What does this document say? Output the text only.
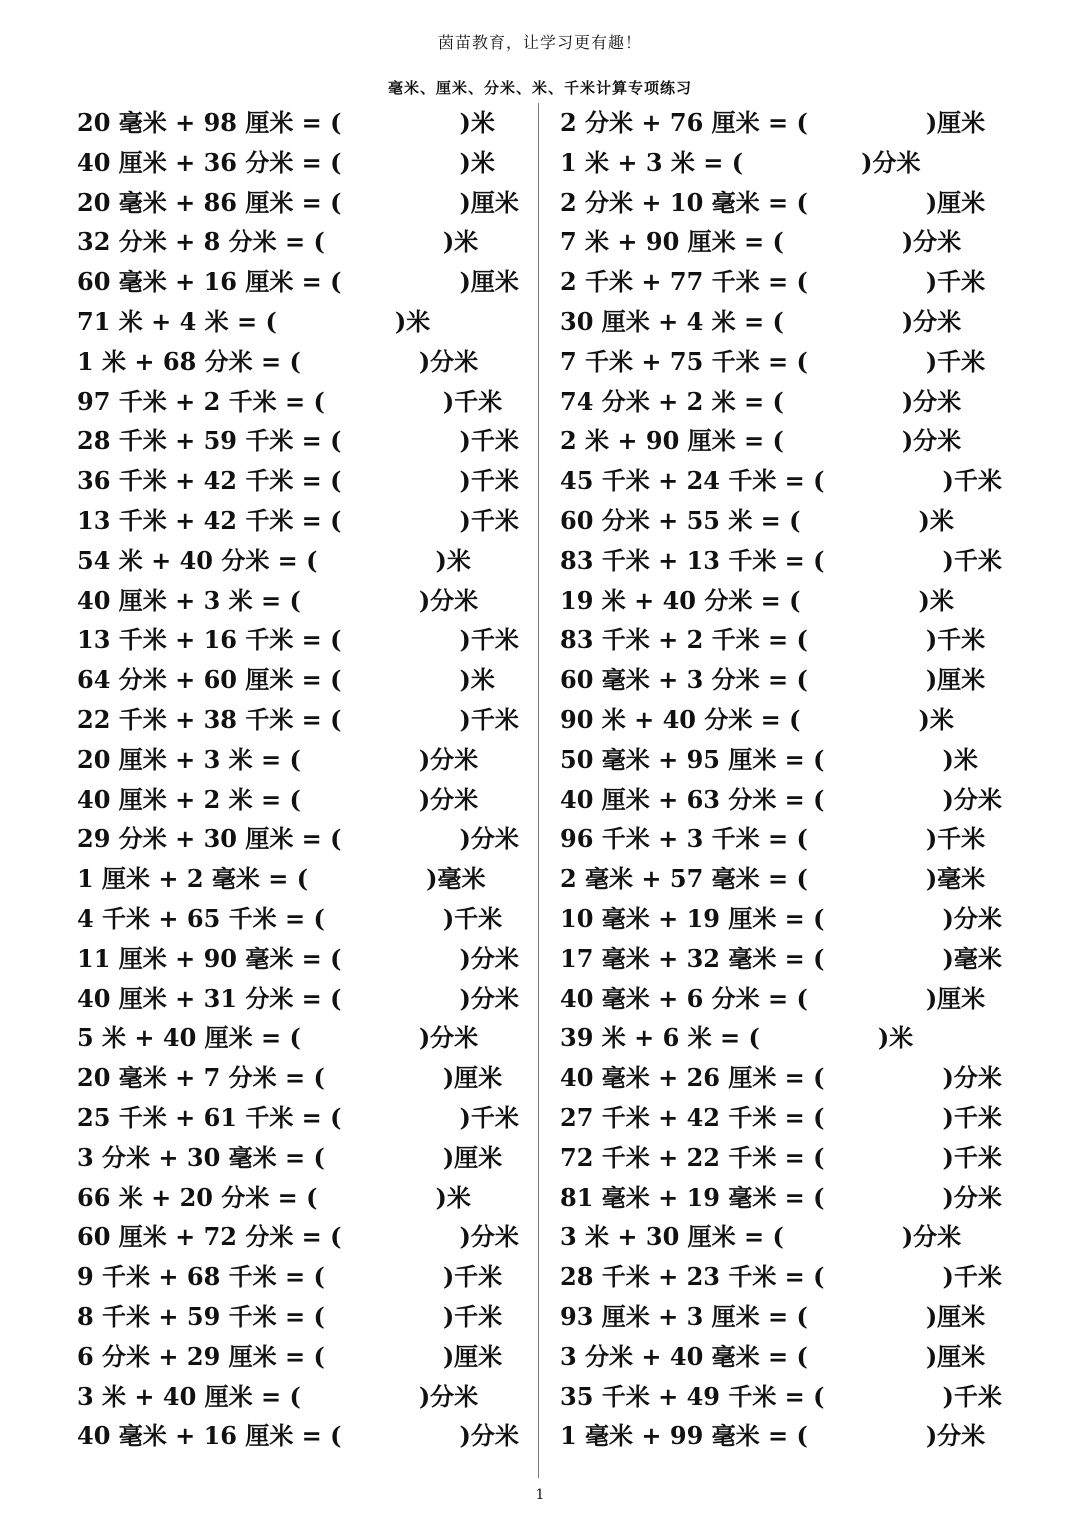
茵苗教育，让学习更有趣！
毫米、厘米、分米、米、千米计算专项练习
20 毫米 + 98 厘米 = (	)米
40 厘米 + 36 分米 = (	)米
20 毫米 + 86 厘米 = (	)厘米
32 分米 + 8 分米 = (	)米
60 毫米 + 16 厘米 = (	)厘米
71 米 + 4 米 = (	)米
1 米 + 68 分米 = (	)分米
97 千米 + 2 千米 = (	)千米
28 千米 + 59 千米 = (	)千米
36 千米 + 42 千米 = (	)千米
13 千米 + 42 千米 = (	)千米
54 米 + 40 分米 = (	)米
40 厘米 + 3 米 = (	)分米
13 千米 + 16 千米 = (	)千米
64 分米 + 60 厘米 = (	)米
22 千米 + 38 千米 = (	)千米
20 厘米 + 3 米 = (	)分米
40 厘米 + 2 米 = (	)分米
29 分米 + 30 厘米 = (	)分米
1 厘米 + 2 毫米 = (	)毫米
4 千米 + 65 千米 = (	)千米
11 厘米 + 90 毫米 = (	)分米
40 厘米 + 31 分米 = (	)分米
5 米 + 40 厘米 = (	)分米
20 毫米 + 7 分米 = (	)厘米
25 千米 + 61 千米 = (	)千米
3 分米 + 30 毫米 = (	)厘米
66 米 + 20 分米 = (	)米
60 厘米 + 72 分米 = (	)分米
9 千米 + 68 千米 = (	)千米
8 千米 + 59 千米 = (	)千米
6 分米 + 29 厘米 = (	)厘米
3 米 + 40 厘米 = (	)分米
40 毫米 + 16 厘米 = (	)分米
2 分米 + 76 厘米 = (	)厘米
1 米 + 3 米 = (	)分米
2 分米 + 10 毫米 = (	)厘米
7 米 + 90 厘米 = (	)分米
2 千米 + 77 千米 = (	)千米
30 厘米 + 4 米 = (	)分米
7 千米 + 75 千米 = (	)千米
74 分米 + 2 米 = (	)分米
2 米 + 90 厘米 = (	)分米
45 千米 + 24 千米 = (	)千米
60 分米 + 55 米 = (	)米
83 千米 + 13 千米 = (	)千米
19 米 + 40 分米 = (	)米
83 千米 + 2 千米 = (	)千米
60 毫米 + 3 分米 = (	)厘米
90 米 + 40 分米 = (	)米
50 毫米 + 95 厘米 = (	)米
40 厘米 + 63 分米 = (	)分米
96 千米 + 3 千米 = (	)千米
2 毫米 + 57 毫米 = (	)毫米
10 毫米 + 19 厘米 = (	)分米
17 毫米 + 32 毫米 = (	)毫米
40 毫米 + 6 分米 = (	)厘米
39 米 + 6 米 = (	)米
40 毫米 + 26 厘米 = (	)分米
27 千米 + 42 千米 = (	)千米
72 千米 + 22 千米 = (	)千米
81 毫米 + 19 毫米 = (	)分米
3 米 + 30 厘米 = (	)分米
28 千米 + 23 千米 = (	)千米
93 厘米 + 3 厘米 = (	)厘米
3 分米 + 40 毫米 = (	)厘米
35 千米 + 49 千米 = (	)千米
1 毫米 + 99 毫米 = (	)分米
1
